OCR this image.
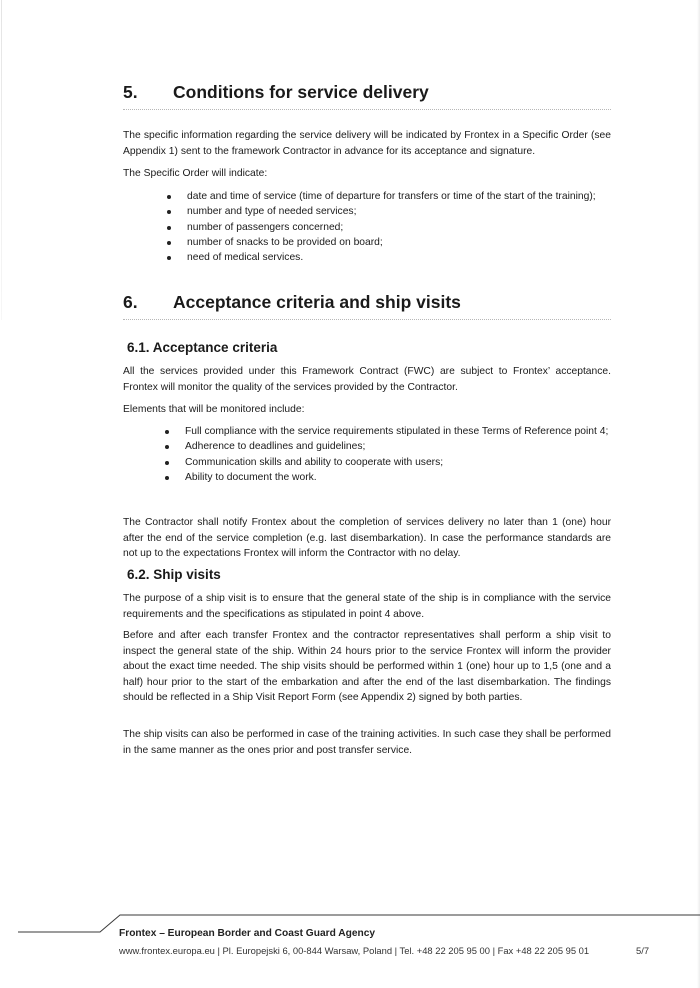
5. Conditions for service delivery
The specific information regarding the service delivery will be indicated by Frontex in a Specific Order (see Appendix 1) sent to the framework Contractor in advance for its acceptance and signature.
The Specific Order will indicate:
date and time of service (time of departure for transfers or time of the start of the training);
number and type of needed services;
number of passengers concerned;
number of snacks to be provided on board;
need of medical services.
6. Acceptance criteria and ship visits
6.1. Acceptance criteria
All the services provided under this Framework Contract (FWC) are subject to Frontex’ acceptance. Frontex will monitor the quality of the services provided by the Contractor.
Elements that will be monitored include:
Full compliance with the service requirements stipulated in these Terms of Reference point 4;
Adherence to deadlines and guidelines;
Communication skills and ability to cooperate with users;
Ability to document the work.
The Contractor shall notify Frontex about the completion of services delivery no later than 1 (one) hour after the end of the service completion (e.g. last disembarkation). In case the performance standards are not up to the expectations Frontex will inform the Contractor with no delay.
6.2. Ship visits
The purpose of a ship visit is to ensure that the general state of the ship is in compliance with the service requirements and the specifications as stipulated in point 4 above.
Before and after each transfer Frontex and the contractor representatives shall perform a ship visit to inspect the general state of the ship. Within 24 hours prior to the service Frontex will inform the provider about the exact time needed. The ship visits should be performed within 1 (one) hour up to 1,5 (one and a half) hour prior to the start of the embarkation and after the end of the last disembarkation. The findings should be reflected in a Ship Visit Report Form (see Appendix 2) signed by both parties.
The ship visits can also be performed in case of the training activities. In such case they shall be performed in the same manner as the ones prior and post transfer service.
Frontex – European Border and Coast Guard Agency
www.frontex.europa.eu | Pl. Europejski 6, 00-844 Warsaw, Poland | Tel. +48 22 205 95 00 | Fax +48 22 205 95 01	5/7
